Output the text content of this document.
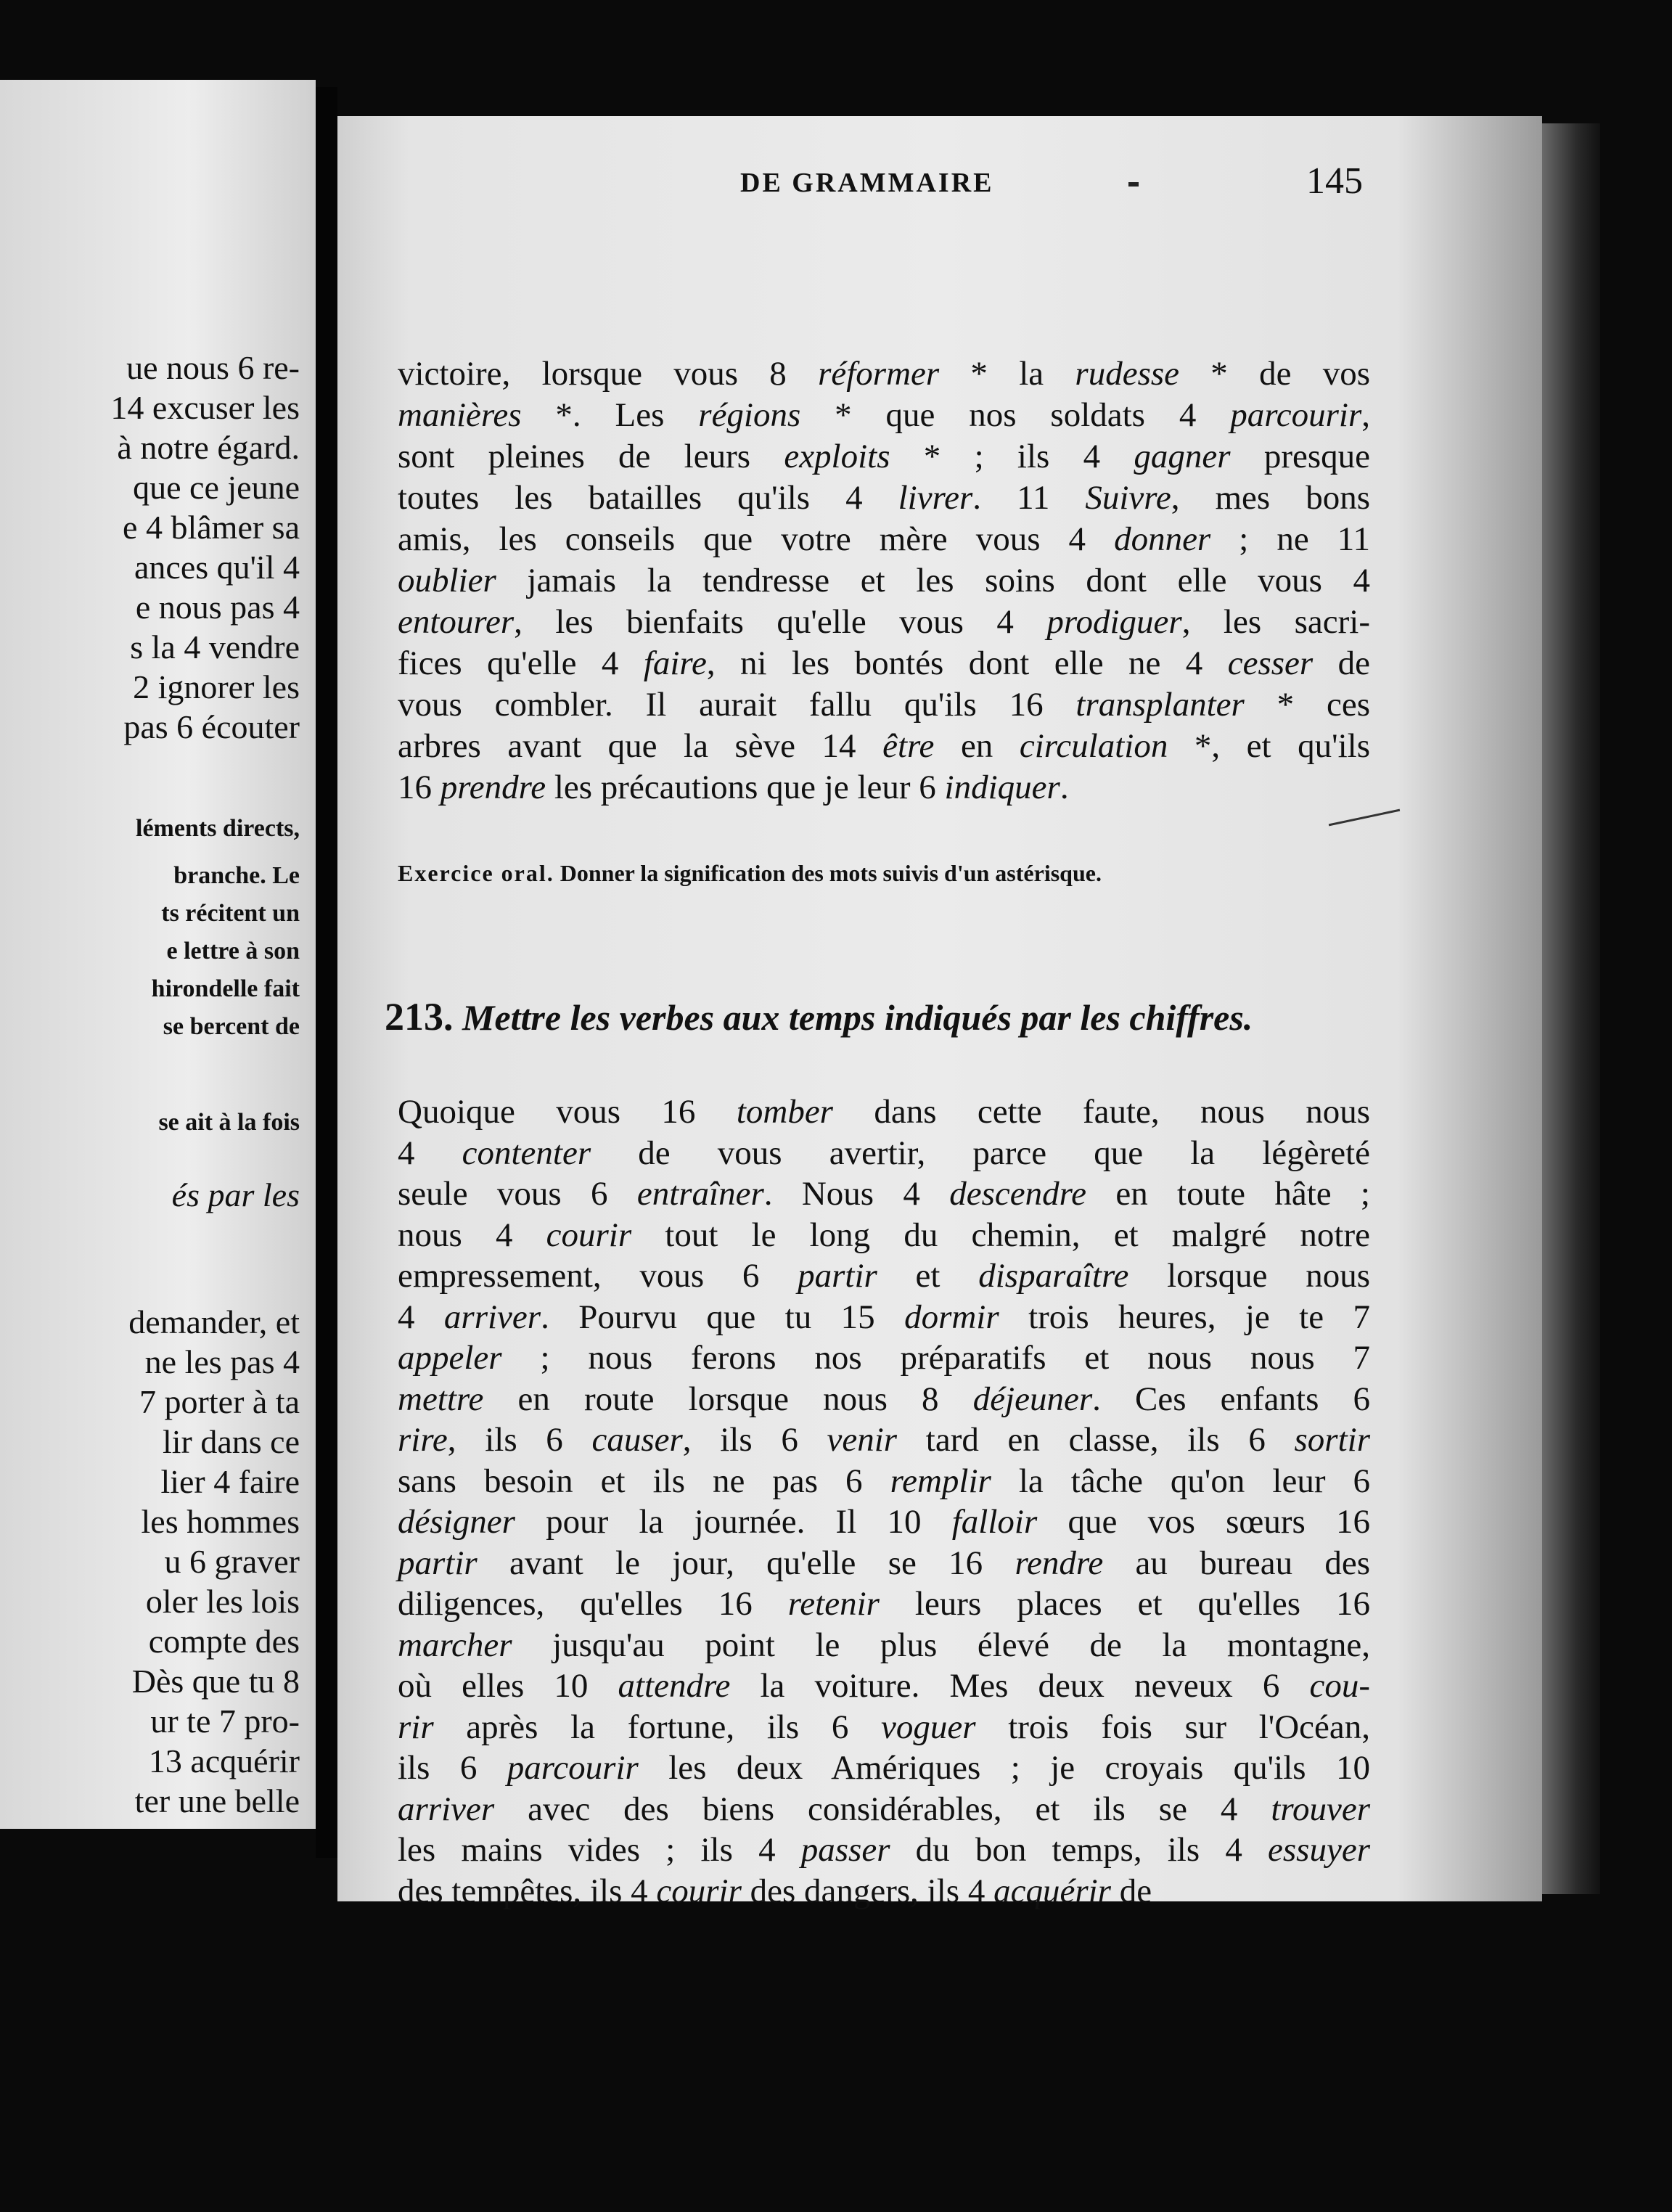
ue nous 6 re-
14 excuser les
à notre égard.
que ce jeune
e 4 blâmer sa
ances qu'il 4
e nous pas 4
s la 4 vendre
2 ignorer les
pas 6 écouter
léments directs,
branche. Le
ts récitent un
e lettre à son
hirondelle fait
se bercent de
se ait à la fois
és par les
demander, et
ne les pas 4
7 porter à ta
lir dans ce
lier 4 faire
les hommes
u 6 graver
oler les lois
compte des
Dès que tu 8
ur te 7 pro-
13 acquérir
ter une belle
DE GRAMMAIRE	145
victoire, lorsque vous 8 réformer * la rudesse * de vos
manières *. Les régions * que nos soldats 4 parcourir,
sont pleines de leurs exploits * ; ils 4 gagner presque
toutes les batailles qu'ils 4 livrer. 11 Suivre, mes bons
amis, les conseils que votre mère vous 4 donner ; ne 11
oublier jamais la tendresse et les soins dont elle vous 4
entourer, les bienfaits qu'elle vous 4 prodiguer, les sacri-
fices qu'elle 4 faire, ni les bontés dont elle ne 4 cesser de
vous combler. Il aurait fallu qu'ils 16 transplanter * ces
arbres avant que la sève 14 être en circulation *, et qu'ils
16 prendre les précautions que je leur 6 indiquer.
Exercice oral. Donner la signification des mots suivis d'un astérisque.
213. Mettre les verbes aux temps indiqués par les chiffres.
Quoique vous 16 tomber dans cette faute, nous nous
4 contenter de vous avertir, parce que la légèreté
seule vous 6 entraîner. Nous 4 descendre en toute hâte ;
nous 4 courir tout le long du chemin, et malgré notre
empressement, vous 6 partir et disparaître lorsque nous
4 arriver. Pourvu que tu 15 dormir trois heures, je te 7
appeler ; nous ferons nos préparatifs et nous nous 7
mettre en route lorsque nous 8 déjeuner. Ces enfants 6
rire, ils 6 causer, ils 6 venir tard en classe, ils 6 sortir
sans besoin et ils ne pas 6 remplir la tâche qu'on leur 6
désigner pour la journée. Il 10 falloir que vos sœurs 16
partir avant le jour, qu'elle se 16 rendre au bureau des
diligences, qu'elles 16 retenir leurs places et qu'elles 16
marcher jusqu'au point le plus élevé de la montagne,
où elles 10 attendre la voiture. Mes deux neveux 6 cou-
rir après la fortune, ils 6 voguer trois fois sur l'Océan,
ils 6 parcourir les deux Amériques ; je croyais qu'ils 10
arriver avec des biens considérables, et ils se 4 trouver
les mains vides ; ils 4 passer du bon temps, ils 4 essuyer
des tempêtes, ils 4 courir des dangers, ils 4 acquérir de
